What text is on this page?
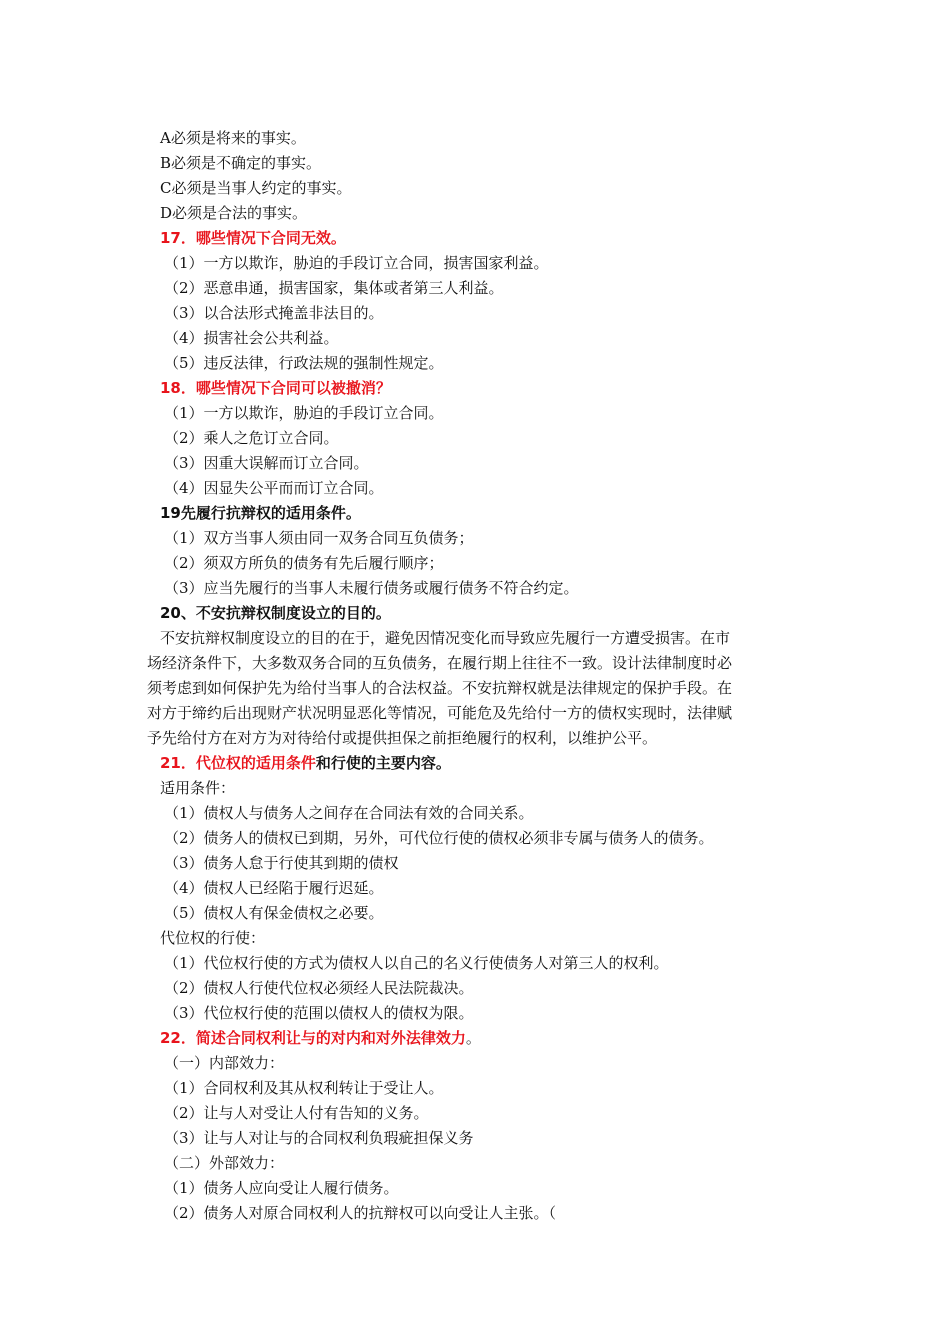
A必须是将来的事实。
B必须是不确定的事实。
C必须是当事人约定的事实。
D必须是合法的事实。
17．哪些情况下合同无效。
（1）一方以欺诈，胁迫的手段订立合同，损害国家利益。
（2）恶意串通，损害国家，集体或者第三人利益。
（3）以合法形式掩盖非法目的。
（4）损害社会公共利益。
（5）违反法律，行政法规的强制性规定。
18．哪些情况下合同可以被撤消？
（1）一方以欺诈，胁迫的手段订立合同。
（2）乘人之危订立合同。
（3）因重大误解而订立合同。
（4）因显失公平而而订立合同。
19先履行抗辩权的适用条件。
（1）双方当事人须由同一双务合同互负债务；
（2）须双方所负的债务有先后履行顺序；
（3）应当先履行的当事人未履行债务或履行债务不符合约定。
20、不安抗辩权制度设立的目的。
不安抗辩权制度设立的目的在于，避免因情况变化而导致应先履行一方遭受损害。在市
场经济条件下，大多数双务合同的互负债务，在履行期上往往不一致。设计法律制度时必
须考虑到如何保护先为给付当事人的合法权益。不安抗辩权就是法律规定的保护手段。在
对方于缔约后出现财产状况明显恶化等情况，可能危及先给付一方的债权实现时，法律赋
予先给付方在对方为对待给付或提供担保之前拒绝履行的权利，以维护公平。
21．代位权的适用条件和行使的主要内容。
适用条件：
（1）债权人与债务人之间存在合同法有效的合同关系。
（2）债务人的债权已到期，另外，可代位行使的债权必须非专属与债务人的债务。
（3）债务人怠于行使其到期的债权
（4）债权人已经陷于履行迟延。
（5）债权人有保金债权之必要。
代位权的行使：
（1）代位权行使的方式为债权人以自己的名义行使债务人对第三人的权利。
（2）债权人行使代位权必须经人民法院裁决。
（3）代位权行使的范围以债权人的债权为限。
22．简述合同权利让与的对内和对外法律效力。
（一）内部效力：
（1）合同权利及其从权利转让于受让人。
（2）让与人对受让人付有告知的义务。
（3）让与人对让与的合同权利负瑕疵担保义务
（二）外部效力：
（1）债务人应向受让人履行债务。
（2）债务人对原合同权利人的抗辩权可以向受让人主张。（
